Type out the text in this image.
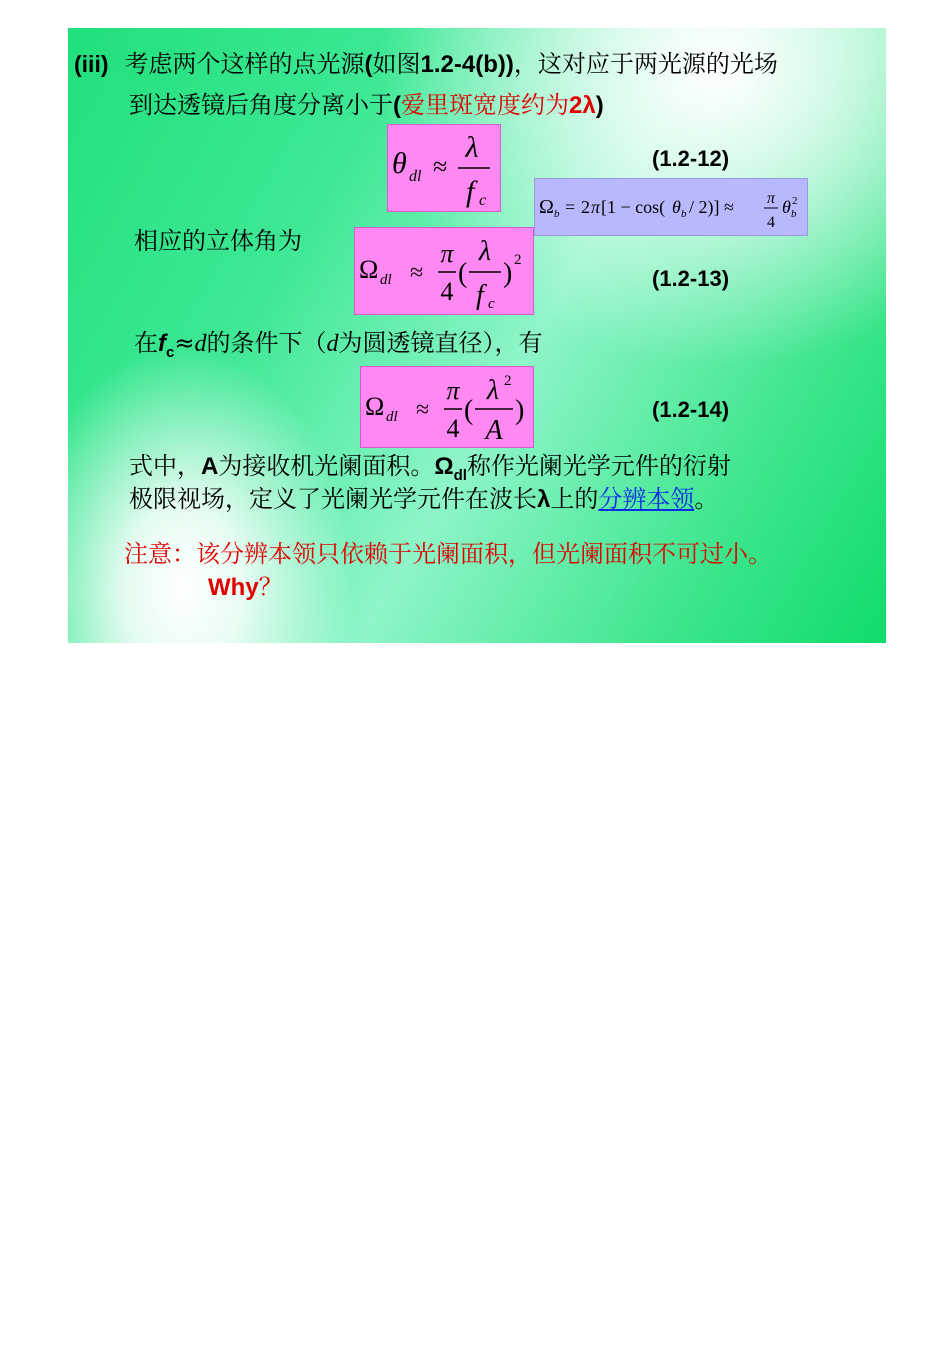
(iii) 考虑两个这样的点光源(如图1.2-4(b))，这对应于两光源的光场
到达透镜后角度分离小于(爱里斑宽度约为2λ)
θ dl ≈
λ
f c
(1.2-12)
Ω b = 2 π [1 − cos( θ b / 2)] ≈ π
4
θ b
2
相应的立体角为
Ω dl ≈
π
4
(
λ
f c
) 2
(1.2-13)
在$f_c\approx d$的条件下（d为圆透镜直径），有
Ω dl ≈
π
4
(
λ 2
A
)	(1.2-14)
式中，A为接收机光阑面积。$\Omega_{dl}$称作光阑光学元件的衍射
极限视场，定义了光阑光学元件在波长λ上的分辨本领。
注意：该分辨本领只依赖于光阑面积，但光阑面积不可过小。
Why？
